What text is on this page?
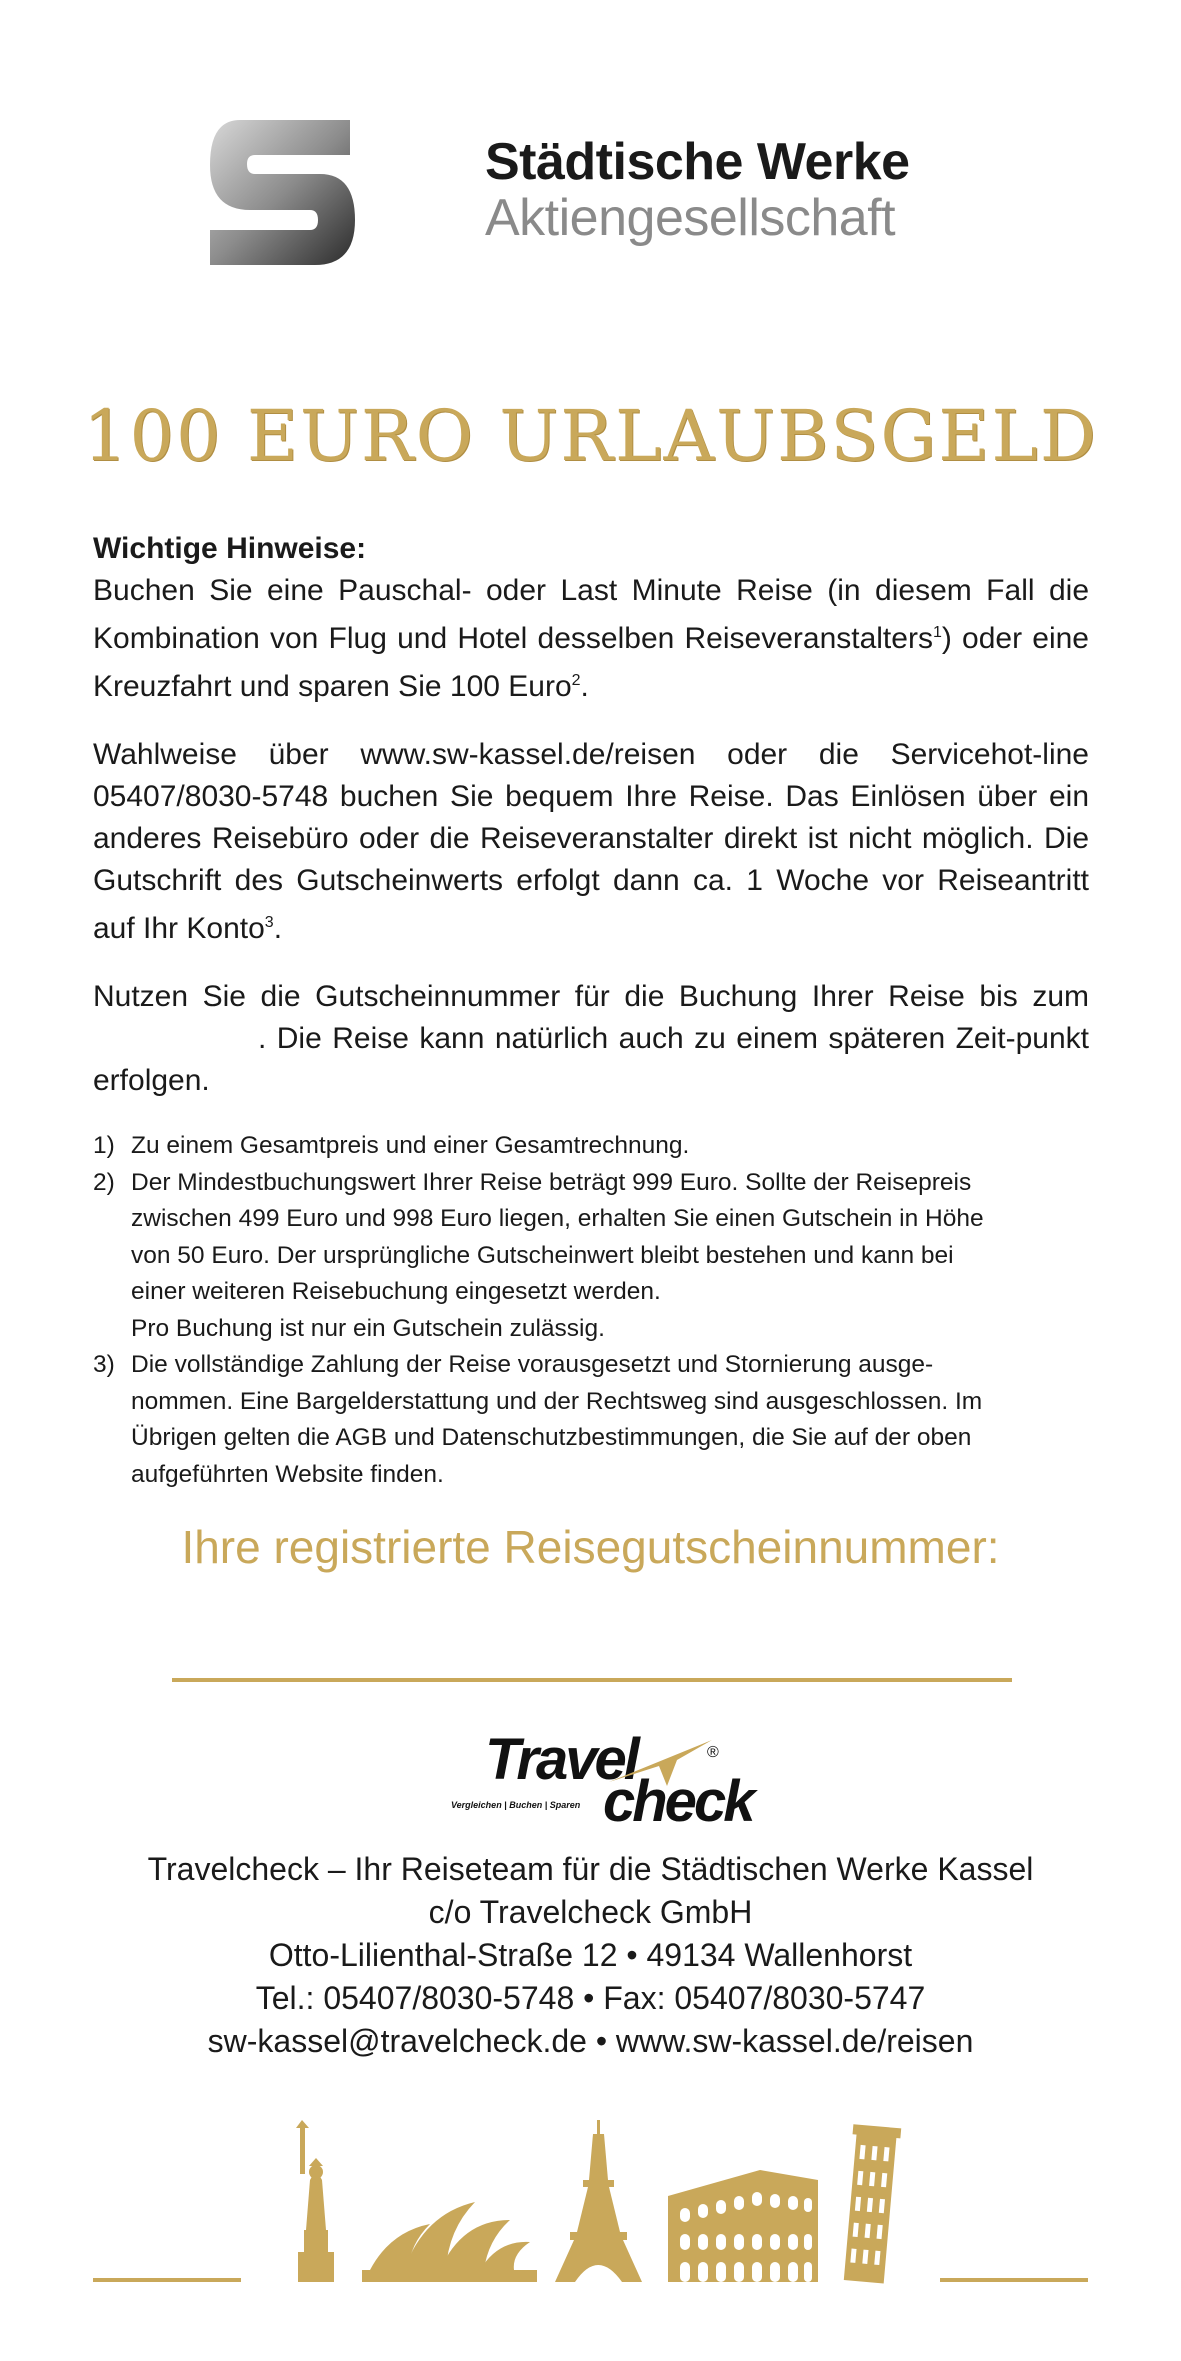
Städtische Werke
Aktiengesellschaft
100 EURO URLAUBSGELD

Wichtige Hinweise:

Buchen Sie eine Pauschal- oder Last Minute Reise (in diesem Fall die Kombination von Flug und Hotel desselben Reiseveranstalters$^1$) oder eine Kreuzfahrt und sparen Sie 100 Euro$^2$.

Wahlweise über www.sw-kassel.de/reisen oder die Servicehot-line 05407/8030-5748 buchen Sie bequem Ihre Reise. Das Einlösen über ein anderes Reisebüro oder die Reiseveranstalter direkt ist nicht möglich. Die Gutschrift des Gutscheinwerts erfolgt dann ca. 1 Woche vor Reiseantritt auf Ihr Konto$^3$.

Nutzen Sie die Gutscheinnummer für die Buchung Ihrer Reise bis zum . Die Reise kann natürlich auch zu einem späteren Zeit-punkt erfolgen.

1) Zu einem Gesamtpreis und einer Gesamtrechnung.

2) Der Mindestbuchungswert Ihrer Reise beträgt 999 Euro. Sollte der Reisepreis
zwischen 499 Euro und 998 Euro liegen, erhalten Sie einen Gutschein in Höhe
von 50 Euro. Der ursprüngliche Gutscheinwert bleibt bestehen und kann bei
einer weiteren Reisebuchung eingesetzt werden.
Pro Buchung ist nur ein Gutschein zulässig.

3) Die vollständige Zahlung der Reise vorausgesetzt und Stornierung ausge-
nommen. Eine Bargelderstattung und der Rechtsweg sind ausgeschlossen. Im
Übrigen gelten die AGB und Datenschutzbestimmungen, die Sie auf der oben
aufgeführten Website finden.

Ihre registrierte Reisegutscheinnummer:
Travel	®
Vergleichen | Buchen | Sparen check
Travelcheck – Ihr Reiseteam für die Städtischen Werke Kassel
c/o Travelcheck GmbH
Otto-Lilienthal-Straße 12 • 49134 Wallenhorst
Tel.: 05407/8030-5748 • Fax: 05407/8030-5747
sw-kassel@travelcheck.de • www.sw-kassel.de/reisen
